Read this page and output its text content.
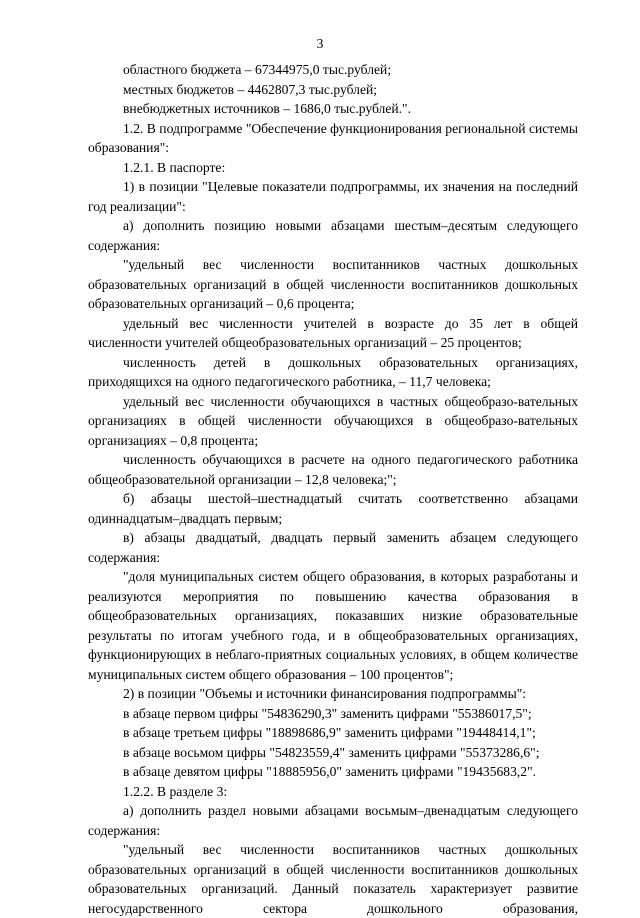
3

областного бюджета – 67344975,0 тыс.рублей;

местных бюджетов – 4462807,3 тыс.рублей;

внебюджетных источников – 1686,0 тыс.рублей.".

1.2. В подпрограмме "Обеспечение функционирования региональной системы образования":

1.2.1. В паспорте:

1) в позиции "Целевые показатели подпрограммы, их значения на последний год реализации":

а) дополнить позицию новыми абзацами шестым–десятым следующего содержания:

"удельный вес численности воспитанников частных дошкольных образовательных организаций в общей численности воспитанников дошкольных образовательных организаций – 0,6 процента;

удельный вес численности учителей в возрасте до 35 лет в общей численности учителей общеобразовательных организаций – 25 процентов;

численность детей в дошкольных образовательных организациях, приходящихся на одного педагогического работника, – 11,7 человека;

удельный вес численности обучающихся в частных общеобразо-вательных организациях в общей численности обучающихся в общеобразо-вательных организациях – 0,8 процента;

численность обучающихся в расчете на одного педагогического работника общеобразовательной организации – 12,8 человека;";

б) абзацы шестой–шестнадцатый считать соответственно абзацами одиннадцатым–двадцать первым;

в) абзацы двадцатый, двадцать первый заменить абзацем следующего содержания:

"доля муниципальных систем общего образования, в которых разработаны и реализуются мероприятия по повышению качества образования в общеобразовательных организациях, показавших низкие образовательные результаты по итогам учебного года, и в общеобразовательных организациях, функционирующих в неблаго-приятных социальных условиях, в общем количестве муниципальных систем общего образования – 100 процентов";

2) в позиции "Объемы и источники финансирования подпрограммы":

в абзаце первом цифры "54836290,3" заменить цифрами "55386017,5";

в абзаце третьем цифры "18898686,9" заменить цифрами "19448414,1";

в абзаце восьмом цифры "54823559,4" заменить цифрами "55373286,6";

в абзаце девятом цифры "18885956,0" заменить цифрами "19435683,2".

1.2.2. В разделе 3:

а) дополнить раздел новыми абзацами восьмым–двенадцатым следующего содержания:

"удельный вес численности воспитанников частных дошкольных образовательных организаций в общей численности воспитанников дошкольных образовательных организаций. Данный показатель характеризует развитие негосударственного сектора дошкольного образования,
